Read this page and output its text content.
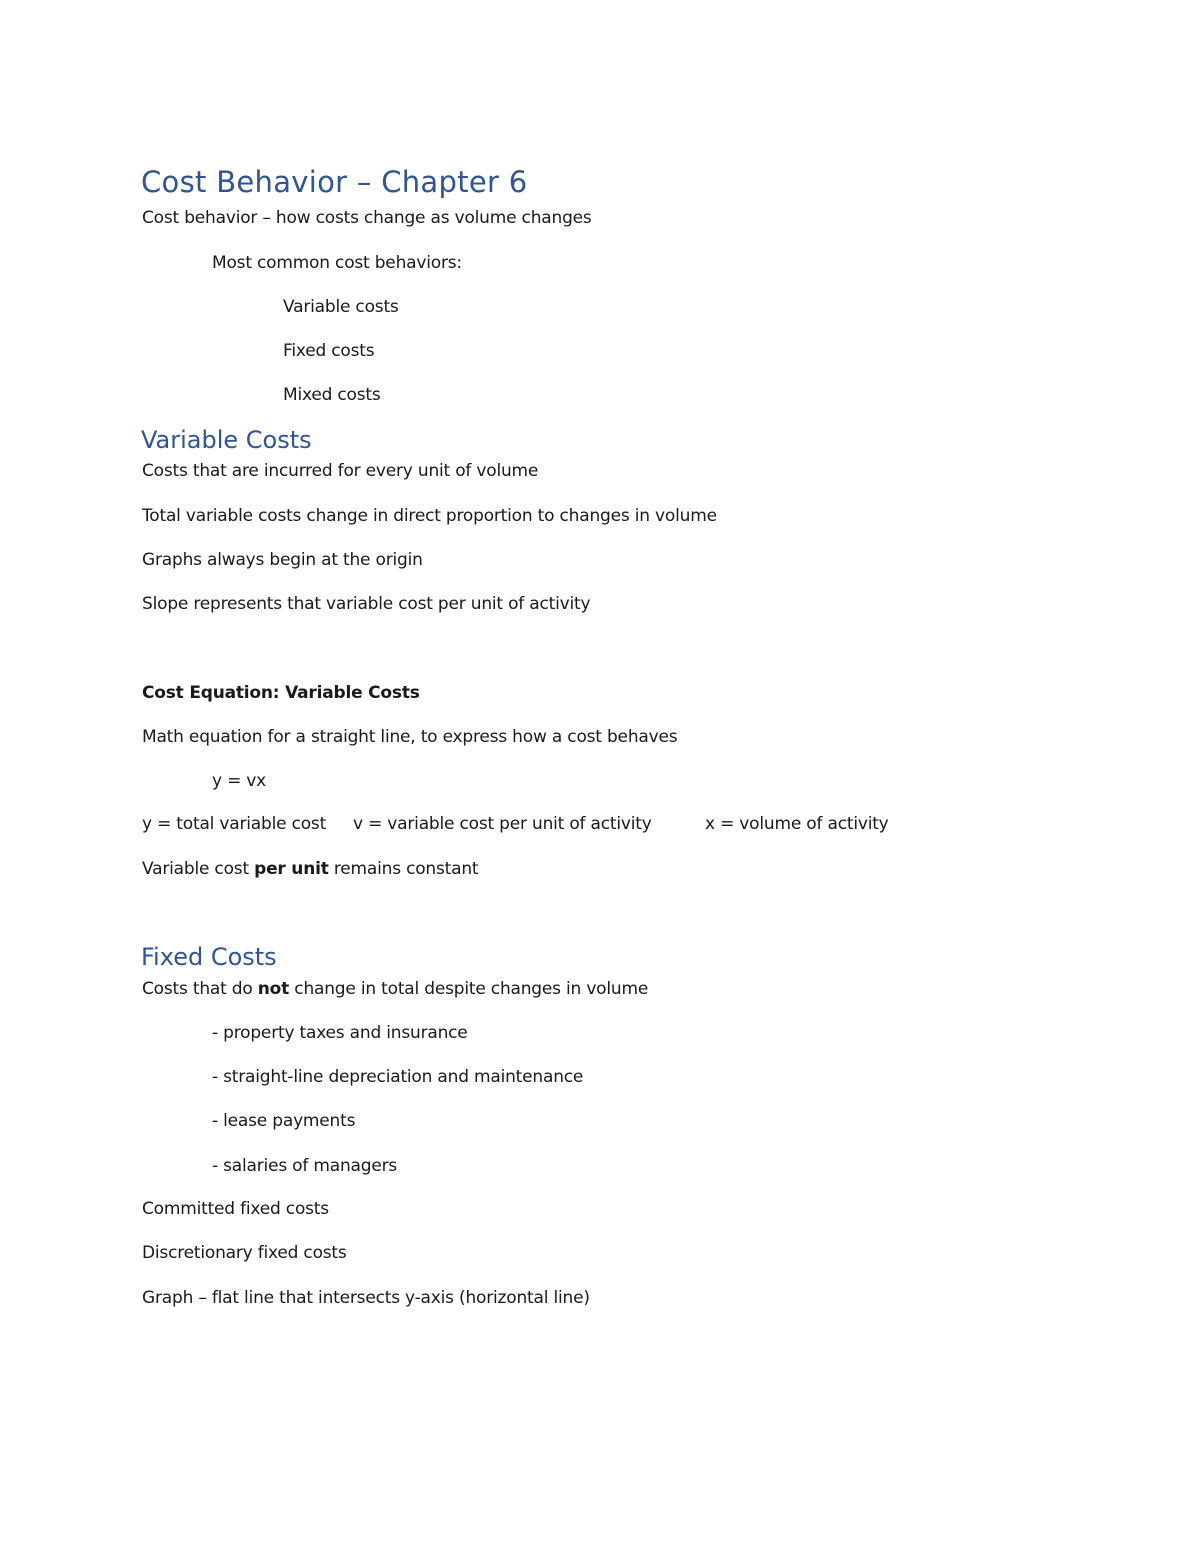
Cost Behavior – Chapter 6
Cost behavior – how costs change as volume changes
Most common cost behaviors:
Variable costs
Fixed costs
Mixed costs
Variable Costs
Costs that are incurred for every unit of volume
Total variable costs change in direct proportion to changes in volume
Graphs always begin at the origin
Slope represents that variable cost per unit of activity
Cost Equation: Variable Costs
Math equation for a straight line, to express how a cost behaves
y = vx
y = total variable cost v = variable cost per unit of activity	x = volume of activity
Variable cost per unit remains constant
Fixed Costs
Costs that do not change in total despite changes in volume
- property taxes and insurance
- straight-line depreciation and maintenance
- lease payments
- salaries of managers
Committed fixed costs
Discretionary fixed costs
Graph – flat line that intersects y-axis (horizontal line)
